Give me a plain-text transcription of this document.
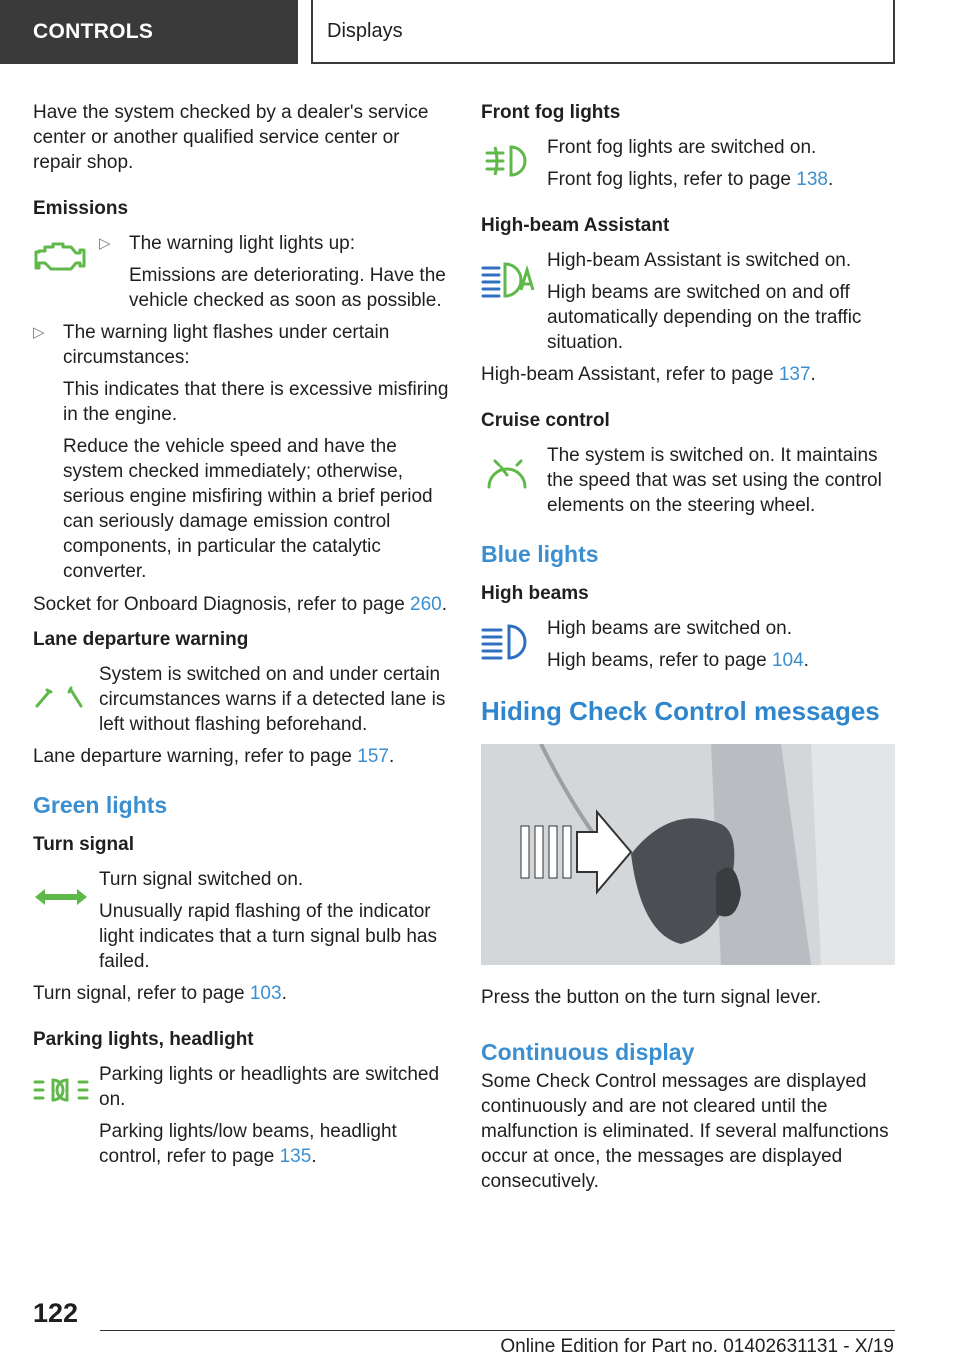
CONTROLS	Displays

Have the system checked by a dealer's service center or another qualified service center or repair shop.

Emissions
▷ The warning light lights up:

Emissions are deteriorating. Have the vehicle checked as soon as possible.

▷ The warning light flashes under certain circumstances:

This indicates that there is excessive misfiring in the engine.

Reduce the vehicle speed and have the system checked immediately; otherwise, serious engine misfiring within a brief period can seriously damage emission control components, in particular the catalytic converter.

Socket for Onboard Diagnosis, refer to page 260.

Lane departure warning

System is switched on and under certain circumstances warns if a detected lane is left without flashing beforehand.

Lane departure warning, refer to page 157.

Green lights
Turn signal

Turn signal switched on.

Unusually rapid flashing of the indicator light indicates that a turn signal bulb has failed.

Turn signal, refer to page 103.

Parking lights, headlight

Parking lights or headlights are switched on.

Parking lights/low beams, headlight control, refer to page 135.

Front fog lights

Front fog lights are switched on.

Front fog lights, refer to page 138.

High-beam Assistant

High-beam Assistant is switched on.

High beams are switched on and off automatically depending on the traffic situation.

High-beam Assistant, refer to page 137.

Cruise control

The system is switched on. It maintains the speed that was set using the control elements on the steering wheel.

Blue lights
High beams

High beams are switched on.

High beams, refer to page 104.

Hiding Check Control messages

Press the button on the turn signal lever.

Continuous display

Some Check Control messages are displayed continuously and are not cleared until the malfunction is eliminated. If several malfunctions occur at once, the messages are displayed consecutively.

122
Online Edition for Part no. 01402631131 - X/19
